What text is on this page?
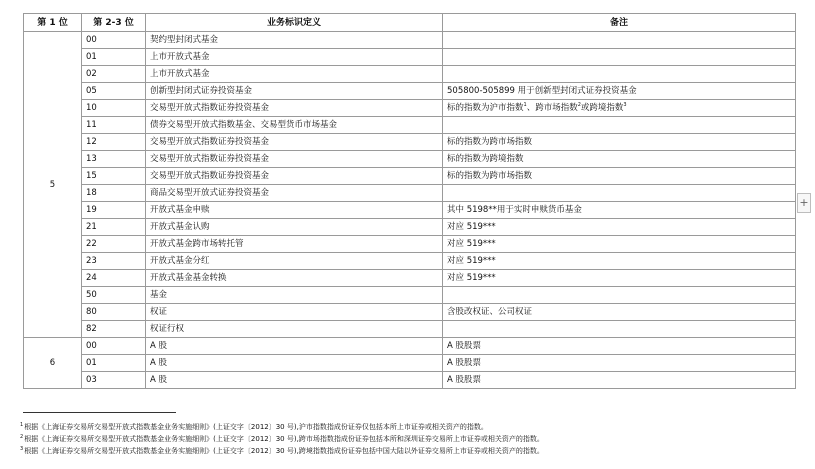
第 1 位	第 2-3 位	业务标识定义	备注
5	00	契约型封闭式基金	
	01	上市开放式基金	
	02	上市开放式基金	
	05	创新型封闭式证券投资基金	505800-505899 用于创新型封闭式证券投资基金
	10	交易型开放式指数证券投资基金	标的指数为沪市指数$^1$、跨市场指数$^2$或跨境指数$^3$
	11	债券交易型开放式指数基金、交易型货币市场基金	
	12	交易型开放式指数证券投资基金	标的指数为跨市场指数
	13	交易型开放式指数证券投资基金	标的指数为跨境指数
	15	交易型开放式指数证券投资基金	标的指数为跨市场指数
	18	商品交易型开放式证券投资基金	
	19	开放式基金申赎	其中 5198**用于实时申赎货币基金
	21	开放式基金认购	对应 519***
	22	开放式基金跨市场转托管	对应 519***
	23	开放式基金分红	对应 519***
	24	开放式基金基金转换	对应 519***
	50	基金	
	80	权证	含股改权证、公司权证
	82	权证行权	
6	00	A 股	A 股股票
	01	A 股	A 股股票
	03	A 股	A 股股票
+
$^1$根据《上海证券交易所交易型开放式指数基金业务实施细则》(上证交字〔2012〕30 号),沪市指数指成份证券仅包括本所上市证券或相关资产的指数。
$^2$根据《上海证券交易所交易型开放式指数基金业务实施细则》(上证交字〔2012〕30 号),跨市场指数指成份证券包括本所和深圳证券交易所上市证券或相关资产的指数。
$^3$根据《上海证券交易所交易型开放式指数基金业务实施细则》(上证交字〔2012〕30 号),跨境指数指成份证券包括中国大陆以外证券交易所上市证券或相关资产的指数。
